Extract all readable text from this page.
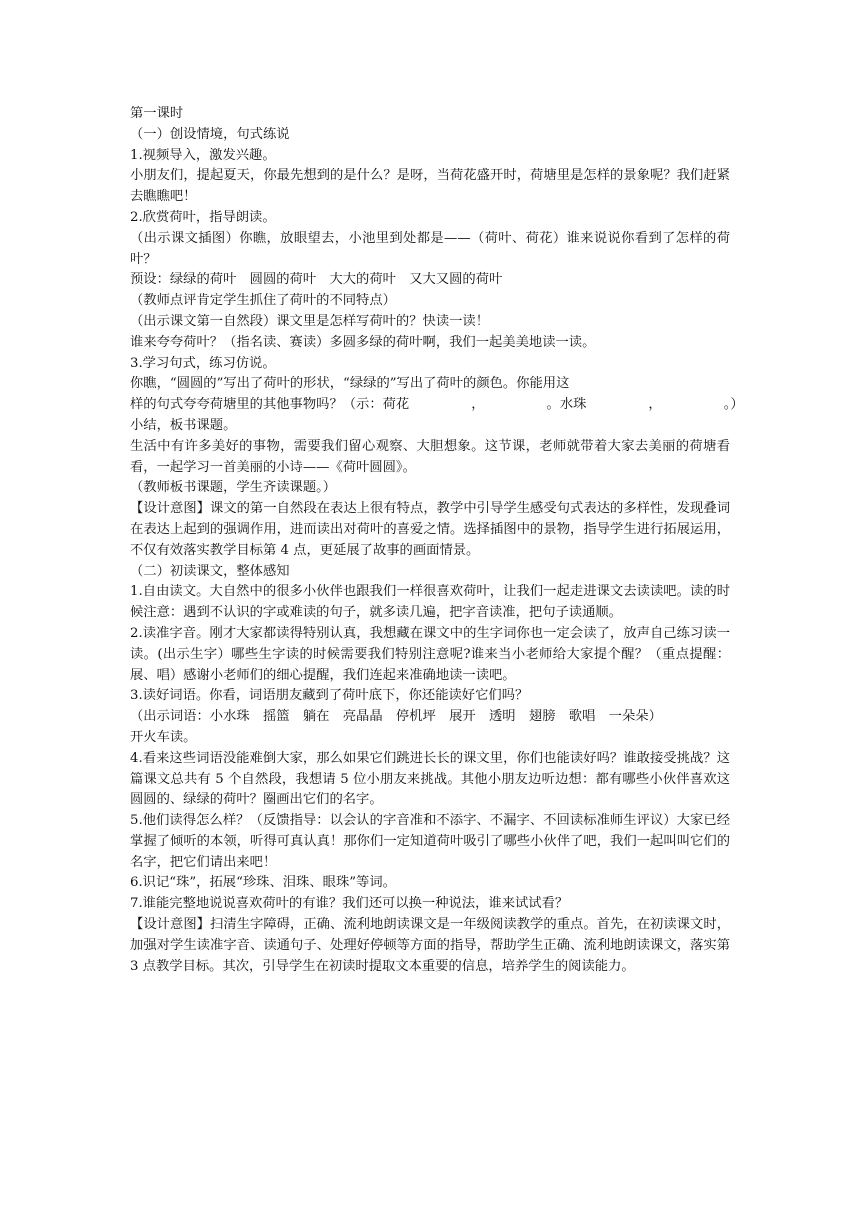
第一课时
（一）创设情境，句式练说
1.视频导入，激发兴趣。
小朋友们，提起夏天，你最先想到的是什么？是呀，当荷花盛开时，荷塘里是怎样的景象呢？我们赶紧去瞧瞧吧！
2.欣赏荷叶，指导朗读。
（出示课文插图）你瞧，放眼望去，小池里到处都是——（荷叶、荷花）谁来说说你看到了怎样的荷叶？
预设：绿绿的荷叶　圆圆的荷叶　大大的荷叶　又大又圆的荷叶
（教师点评肯定学生抓住了荷叶的不同特点）
（出示课文第一自然段）课文里是怎样写荷叶的？快读一读！
谁来夸夸荷叶？（指名读、赛读）多圆多绿的荷叶啊，我们一起美美地读一读。
3.学习句式，练习仿说。
你瞧，“圆圆的”写出了荷叶的形状，“绿绿的”写出了荷叶的颜色。你能用这
样的句式夸夸荷塘里的其他事物吗？（示：荷花	，	。水珠	，	。）
小结，板书课题。
生活中有许多美好的事物，需要我们留心观察、大胆想象。这节课，老师就带着大家去美丽的荷塘看看，一起学习一首美丽的小诗——《荷叶圆圆》。
（教师板书课题，学生齐读课题。）
【设计意图】课文的第一自然段在表达上很有特点，教学中引导学生感受句式表达的多样性，发现叠词在表达上起到的强调作用，进而读出对荷叶的喜爱之情。选择插图中的景物，指导学生进行拓展运用，不仅有效落实教学目标第 4 点，更延展了故事的画面情景。
（二）初读课文，整体感知
1.自由读文。大自然中的很多小伙伴也跟我们一样很喜欢荷叶，让我们一起走进课文去读读吧。读的时候注意：遇到不认识的字或难读的句子，就多读几遍，把字音读准，把句子读通顺。
2.读准字音。刚才大家都读得特别认真，我想藏在课文中的生字词你也一定会读了，放声自己练习读一读。(出示生字）哪些生字读的时候需要我们特别注意呢?谁来当小老师给大家提个醒？（重点提醒：展、唱）感谢小老师们的细心提醒，我们连起来准确地读一读吧。
3.读好词语。你看，词语朋友藏到了荷叶底下，你还能读好它们吗？
（出示词语：小水珠　摇篮　躺在　亮晶晶　停机坪　展开　透明　翅膀　歌唱　一朵朵）
开火车读。
4.看来这些词语没能难倒大家，那么如果它们跳进长长的课文里，你们也能读好吗？谁敢接受挑战？这篇课文总共有 5 个自然段，我想请 5 位小朋友来挑战。其他小朋友边听边想：都有哪些小伙伴喜欢这圆圆的、绿绿的荷叶？圈画出它们的名字。
5.他们读得怎么样？（反馈指导：以会认的字音准和不添字、不漏字、不回读标准师生评议）大家已经掌握了倾听的本领，听得可真认真！那你们一定知道荷叶吸引了哪些小伙伴了吧，我们一起叫叫它们的名字，把它们请出来吧！
6.识记“珠”，拓展“珍珠、泪珠、眼珠”等词。
7.谁能完整地说说喜欢荷叶的有谁？我们还可以换一种说法，谁来试试看？
【设计意图】扫清生字障碍，正确、流利地朗读课文是一年级阅读教学的重点。首先，在初读课文时，加强对学生读准字音、读通句子、处理好停顿等方面的指导，帮助学生正确、流利地朗读课文，落实第 3 点教学目标。其次，引导学生在初读时提取文本重要的信息，培养学生的阅读能力。
